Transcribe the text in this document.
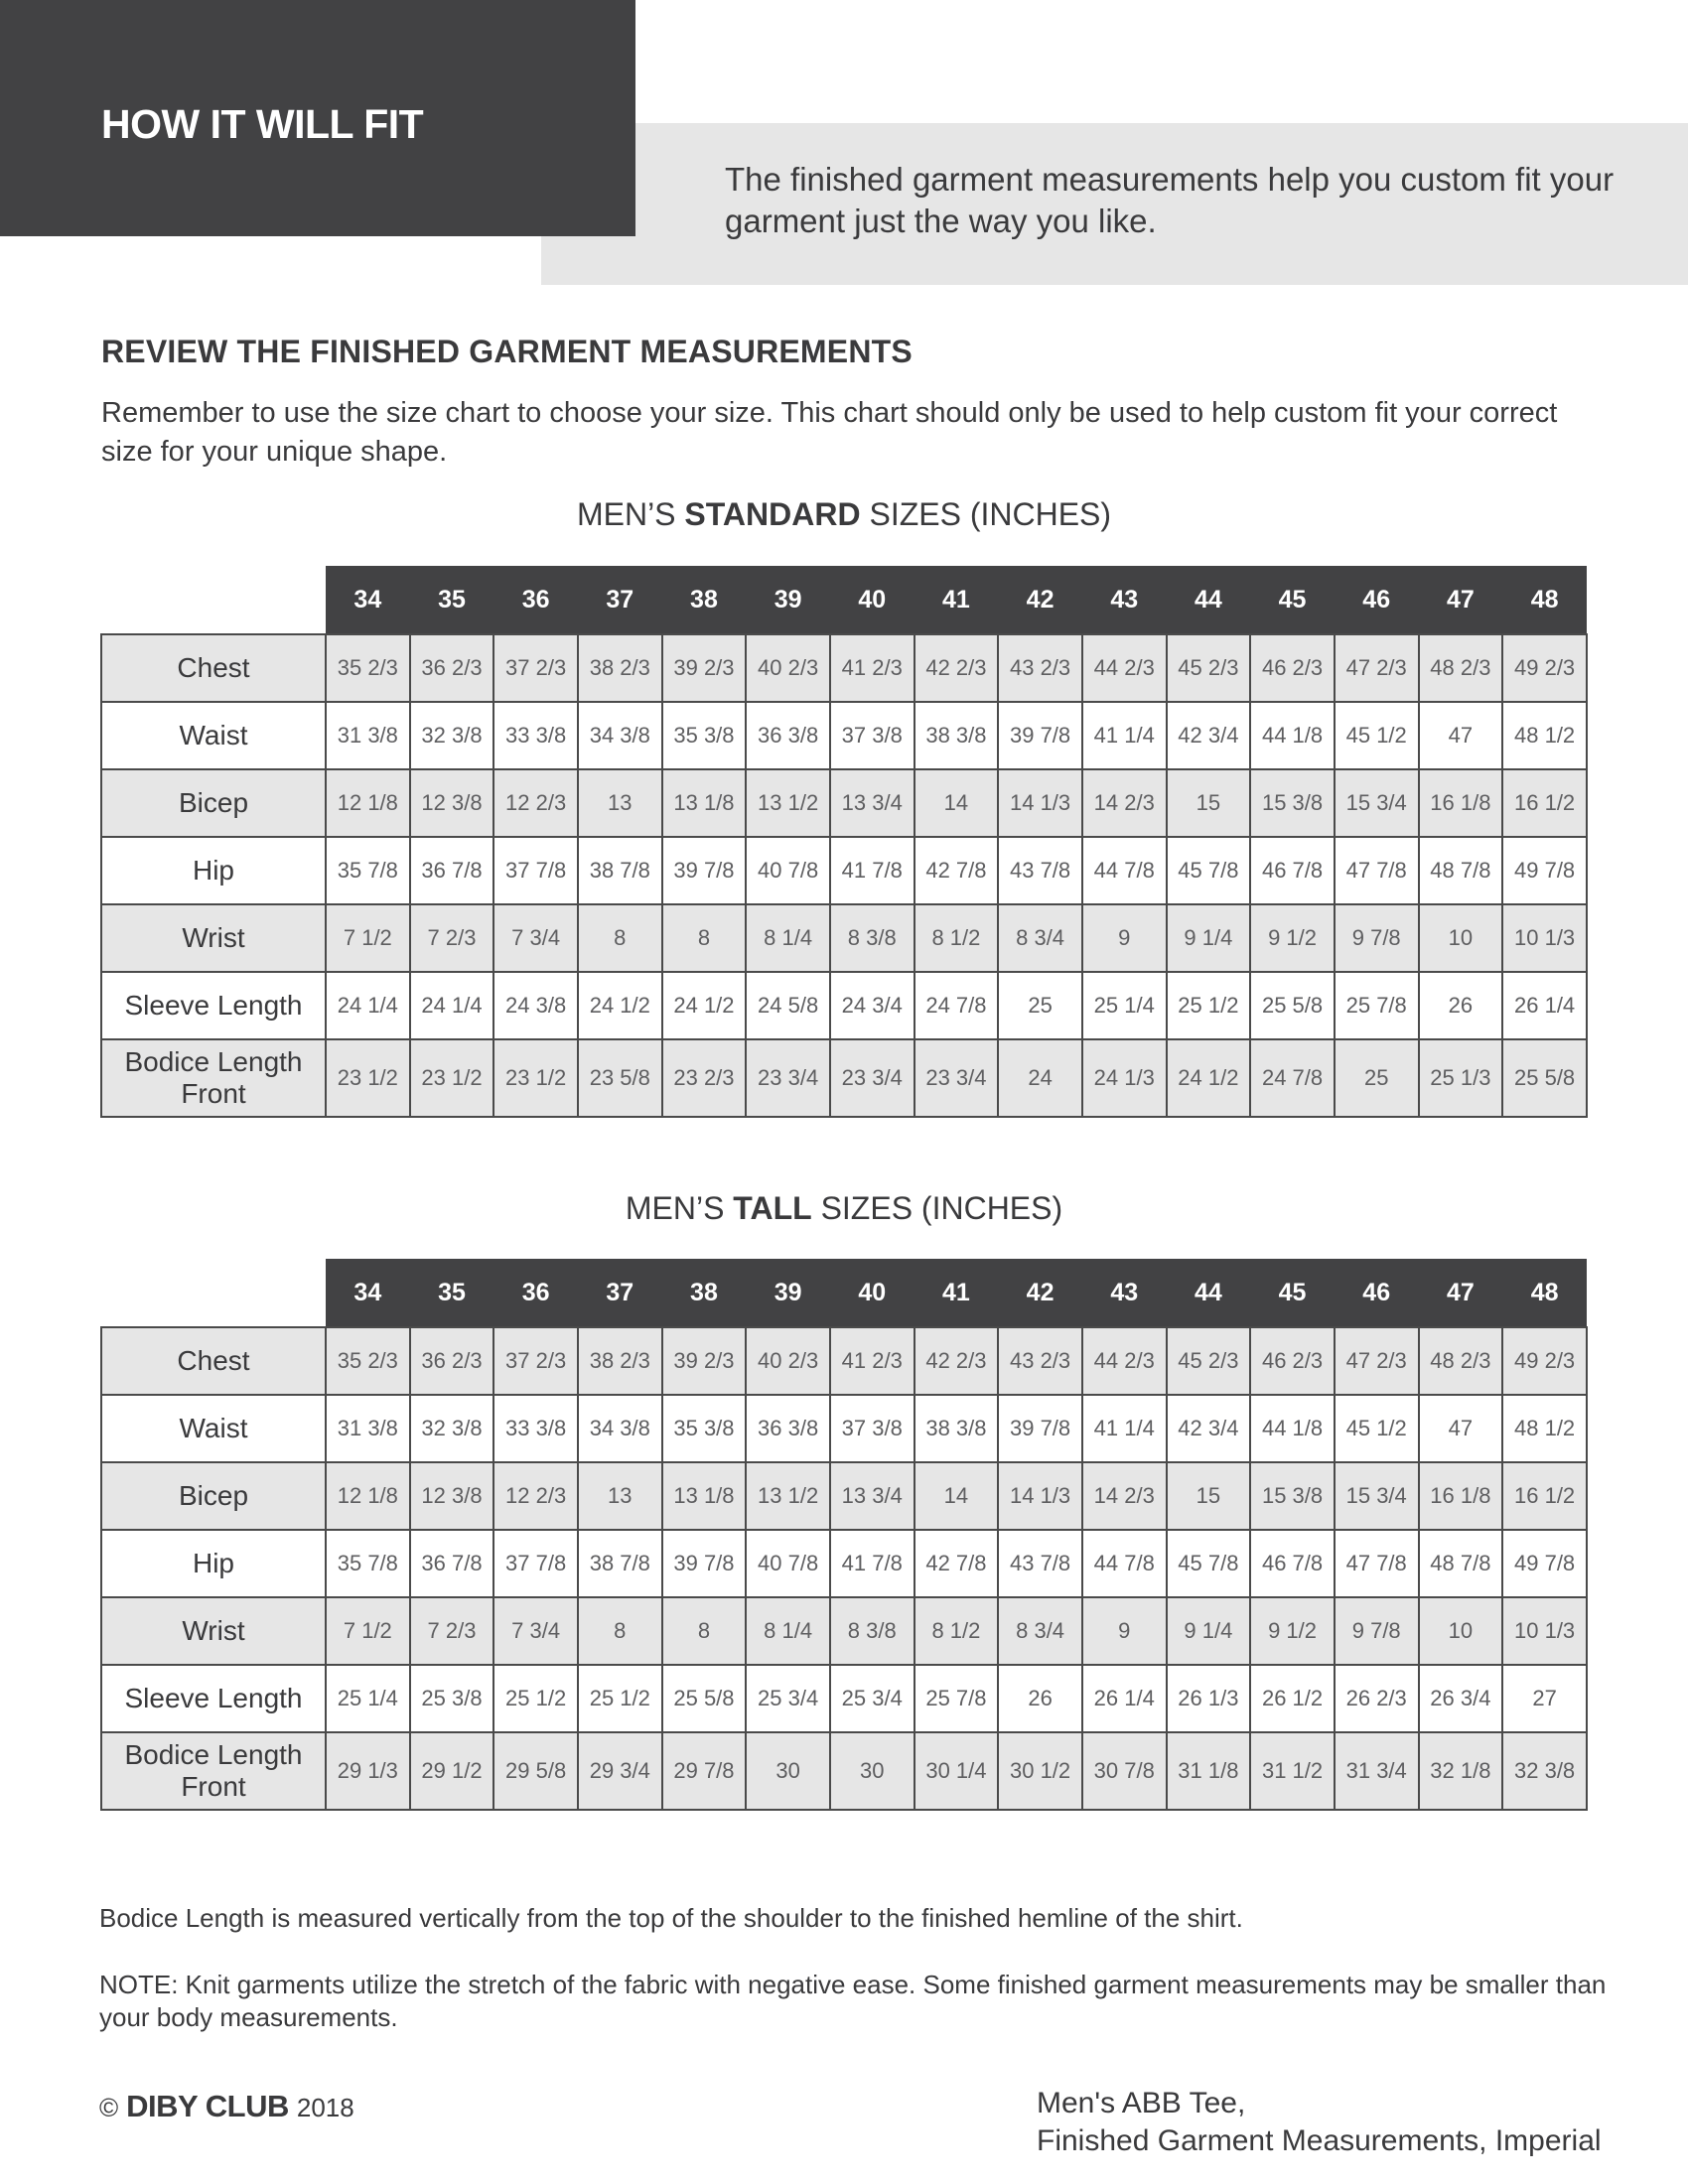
HOW IT WILL FIT

The finished garment measurements help you custom fit your garment just the way you like.

REVIEW THE FINISHED GARMENT MEASUREMENTS

Remember to use the size chart to choose your size. This chart should only be used to help custom fit your correct size for your unique shape.

MEN’S STANDARD SIZES (INCHES)

	34	35	36	37	38	39	40	41	42	43	44	45	46	47	48
Chest	35 2/3	36 2/3	37 2/3	38 2/3	39 2/3	40 2/3	41 2/3	42 2/3	43 2/3	44 2/3	45 2/3	46 2/3	47 2/3	48 2/3	49 2/3
Waist	31 3/8	32 3/8	33 3/8	34 3/8	35 3/8	36 3/8	37 3/8	38 3/8	39 7/8	41 1/4	42 3/4	44 1/8	45 1/2	47	48 1/2
Bicep	12 1/8	12 3/8	12 2/3	13	13 1/8	13 1/2	13 3/4	14	14 1/3	14 2/3	15	15 3/8	15 3/4	16 1/8	16 1/2
Hip	35 7/8	36 7/8	37 7/8	38 7/8	39 7/8	40 7/8	41 7/8	42 7/8	43 7/8	44 7/8	45 7/8	46 7/8	47 7/8	48 7/8	49 7/8
Wrist	7 1/2	7 2/3	7 3/4	8	8	8 1/4	8 3/8	8 1/2	8 3/4	9	9 1/4	9 1/2	9 7/8	10	10 1/3
Sleeve Length	24 1/4	24 1/4	24 3/8	24 1/2	24 1/2	24 5/8	24 3/4	24 7/8	25	25 1/4	25 1/2	25 5/8	25 7/8	26	26 1/4
Bodice Length Front	23 1/2	23 1/2	23 1/2	23 5/8	23 2/3	23 3/4	23 3/4	23 3/4	24	24 1/3	24 1/2	24 7/8	25	25 1/3	25 5/8

MEN’S TALL SIZES (INCHES)

	34	35	36	37	38	39	40	41	42	43	44	45	46	47	48
Chest	35 2/3	36 2/3	37 2/3	38 2/3	39 2/3	40 2/3	41 2/3	42 2/3	43 2/3	44 2/3	45 2/3	46 2/3	47 2/3	48 2/3	49 2/3
Waist	31 3/8	32 3/8	33 3/8	34 3/8	35 3/8	36 3/8	37 3/8	38 3/8	39 7/8	41 1/4	42 3/4	44 1/8	45 1/2	47	48 1/2
Bicep	12 1/8	12 3/8	12 2/3	13	13 1/8	13 1/2	13 3/4	14	14 1/3	14 2/3	15	15 3/8	15 3/4	16 1/8	16 1/2
Hip	35 7/8	36 7/8	37 7/8	38 7/8	39 7/8	40 7/8	41 7/8	42 7/8	43 7/8	44 7/8	45 7/8	46 7/8	47 7/8	48 7/8	49 7/8
Wrist	7 1/2	7 2/3	7 3/4	8	8	8 1/4	8 3/8	8 1/2	8 3/4	9	9 1/4	9 1/2	9 7/8	10	10 1/3
Sleeve Length	25 1/4	25 3/8	25 1/2	25 1/2	25 5/8	25 3/4	25 3/4	25 7/8	26	26 1/4	26 1/3	26 1/2	26 2/3	26 3/4	27
Bodice Length Front	29 1/3	29 1/2	29 5/8	29 3/4	29 7/8	30	30	30 1/4	30 1/2	30 7/8	31 1/8	31 1/2	31 3/4	32 1/8	32 3/8

Bodice Length is measured vertically from the top of the shoulder to the finished hemline of the shirt.

NOTE: Knit garments utilize the stretch of the fabric with negative ease. Some finished garment measurements may be smaller than your body measurements.

© DIBY CLUB 2018	Men's ABB Tee,
Finished Garment Measurements, Imperial
